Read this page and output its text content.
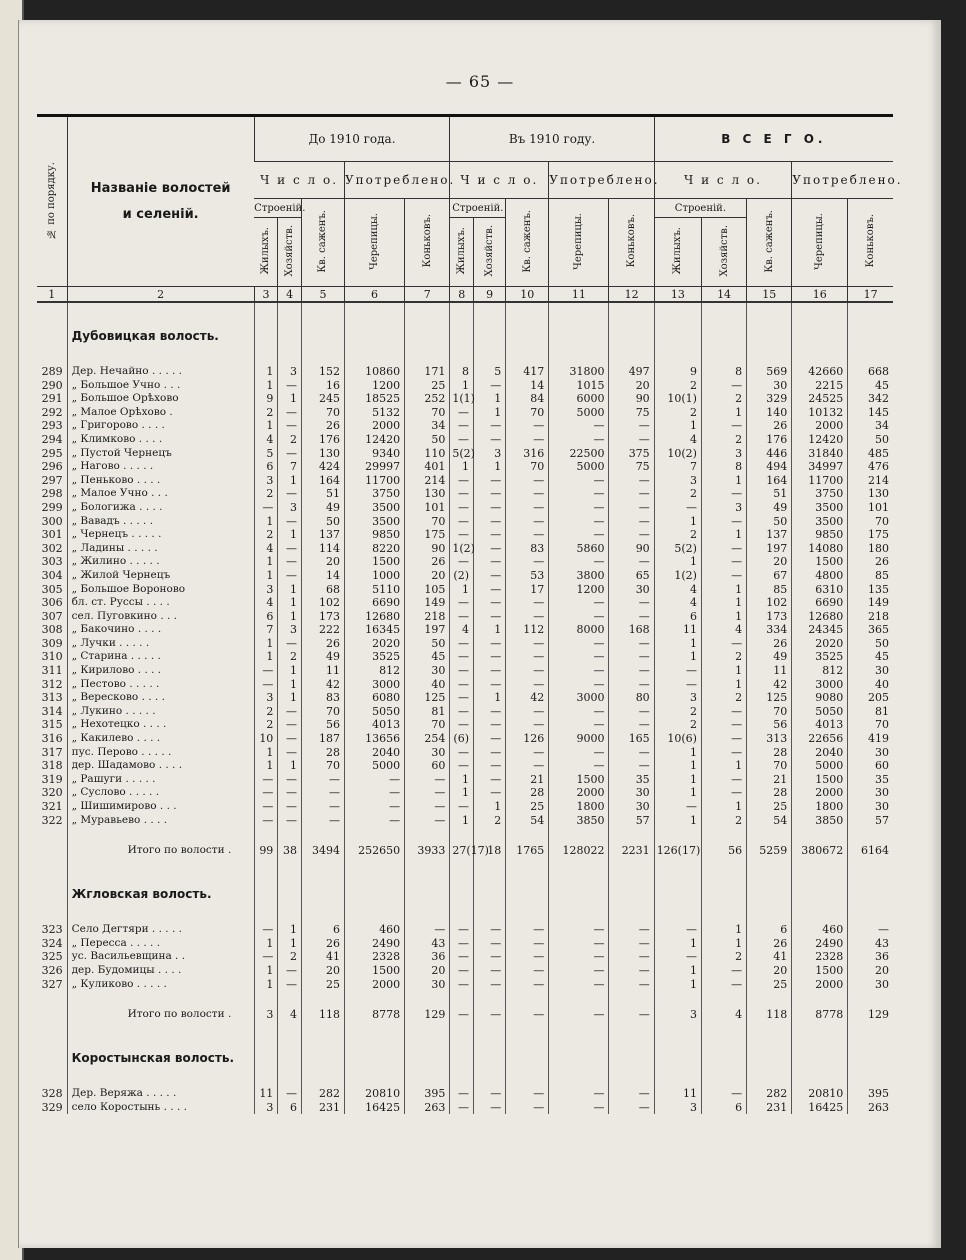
— 65 —
№ по порядку.	Названіе волостей
и селеній.	До 1910 года.					Въ 1910 году.					В С Е Г О.				
		Ч и с л о.			Употреблено.		Ч и с л о.			Употреблено.		Ч и с л о.			Употреблено.	
		Строеній.		Кв. саженъ.	Черепицы.	Коньковъ.	Строеній.		Кв. саженъ.	Черепицы.	Коньковъ.	Строеній.		Кв. саженъ.	Черепицы.	Коньковъ.
		Жилыхъ.	Хозяйств.				Жилыхъ.	Хозяйств.				Жилыхъ.	Хозяйств.			
1	2	3	4	5	6	7	8	9	10	11	12	13	14	15	16	17

	Дубовицкая волость.															

289	Дер. Нечайно . . . . .	1	3	152	10860	171	8	5	417	31800	497	9	8	569	42660	668
290	„ Большое Учно . . .	1	—	16	1200	25	1	—	14	1015	20	2	—	30	2215	45
291	„ Большое Орѣхово	9	1	245	18525	252	1(1)	1	84	6000	90	10(1)	2	329	24525	342
292	„ Малое Орѣхово .	2	—	70	5132	70	—	1	70	5000	75	2	1	140	10132	145
293	„ Григорово . . . .	1	—	26	2000	34	—	—	—	—	—	1	—	26	2000	34
294	„ Климково . . . .	4	2	176	12420	50	—	—	—	—	—	4	2	176	12420	50
295	„ Пустой Чернецъ	5	—	130	9340	110	5(2)	3	316	22500	375	10(2)	3	446	31840	485
296	„ Нагово . . . . .	6	7	424	29997	401	1	1	70	5000	75	7	8	494	34997	476
297	„ Пеньково . . . .	3	1	164	11700	214	—	—	—	—	—	3	1	164	11700	214
298	„ Малое Учно . . .	2	—	51	3750	130	—	—	—	—	—	2	—	51	3750	130
299	„ Бологижа . . . .	—	3	49	3500	101	—	—	—	—	—	—	3	49	3500	101
300	„ Вавадъ . . . . .	1	—	50	3500	70	—	—	—	—	—	1	—	50	3500	70
301	„ Чернецъ . . . . .	2	1	137	9850	175	—	—	—	—	—	2	1	137	9850	175
302	„ Ладины . . . . .	4	—	114	8220	90	1(2)	—	83	5860	90	5(2)	—	197	14080	180
303	„ Жилино . . . . .	1	—	20	1500	26	—	—	—	—	—	1	—	20	1500	26
304	„ Жилой Чернецъ	1	—	14	1000	20	(2)	—	53	3800	65	1(2)	—	67	4800	85
305	„ Большое Вороново	3	1	68	5110	105	1	—	17	1200	30	4	1	85	6310	135
306	бл. ст. Руссы . . . .	4	1	102	6690	149	—	—	—	—	—	4	1	102	6690	149
307	сел. Пуговкино . . .	6	1	173	12680	218	—	—	—	—	—	6	1	173	12680	218
308	„ Бакочино . . . .	7	3	222	16345	197	4	1	112	8000	168	11	4	334	24345	365
309	„ Лучки . . . . .	1	—	26	2020	50	—	—	—	—	—	1	—	26	2020	50
310	„ Старина . . . . .	1	2	49	3525	45	—	—	—	—	—	1	2	49	3525	45
311	„ Кирилово . . . .	—	1	11	812	30	—	—	—	—	—	—	1	11	812	30
312	„ Пестово . . . . .	—	1	42	3000	40	—	—	—	—	—	—	1	42	3000	40
313	„ Вересково . . . .	3	1	83	6080	125	—	1	42	3000	80	3	2	125	9080	205
314	„ Лукино . . . . .	2	—	70	5050	81	—	—	—	—	—	2	—	70	5050	81
315	„ Нехотецко . . . .	2	—	56	4013	70	—	—	—	—	—	2	—	56	4013	70
316	„ Какилево . . . .	10	—	187	13656	254	(6)	—	126	9000	165	10(6)	—	313	22656	419
317	пус. Перово . . . . .	1	—	28	2040	30	—	—	—	—	—	1	—	28	2040	30
318	дер. Шадамово . . . .	1	1	70	5000	60	—	—	—	—	—	1	1	70	5000	60
319	„ Рашуги . . . . .	—	—	—	—	—	1	—	21	1500	35	1	—	21	1500	35
320	„ Суслово . . . . .	—	—	—	—	—	1	—	28	2000	30	1	—	28	2000	30
321	„ Шишимирово . . .	—	—	—	—	—	—	1	25	1800	30	—	1	25	1800	30
322	„ Муравьево . . . .	—	—	—	—	—	1	2	54	3850	57	1	2	54	3850	57

	Итого по волости .	99	38	3494	252650	3933	27(17)	18	1765	128022	2231	126(17)	56	5259	380672	6164

	Жгловская волость.															

323	Село Дегтяри . . . . .	—	1	6	460	—	—	—	—	—	—	—	1	6	460	—
324	„ Пересса . . . . .	1	1	26	2490	43	—	—	—	—	—	1	1	26	2490	43
325	ус. Васильевщина . .	—	2	41	2328	36	—	—	—	—	—	—	2	41	2328	36
326	дер. Будомицы . . . .	1	—	20	1500	20	—	—	—	—	—	1	—	20	1500	20
327	„ Куликово . . . . .	1	—	25	2000	30	—	—	—	—	—	1	—	25	2000	30

	Итого по волости .	3	4	118	8778	129	—	—	—	—	—	3	4	118	8778	129

	Коростынская волость.															

328	Дер. Веряжа . . . . .	11	—	282	20810	395	—	—	—	—	—	11	—	282	20810	395
329	село Коростынь . . . .	3	6	231	16425	263	—	—	—	—	—	3	6	231	16425	263
